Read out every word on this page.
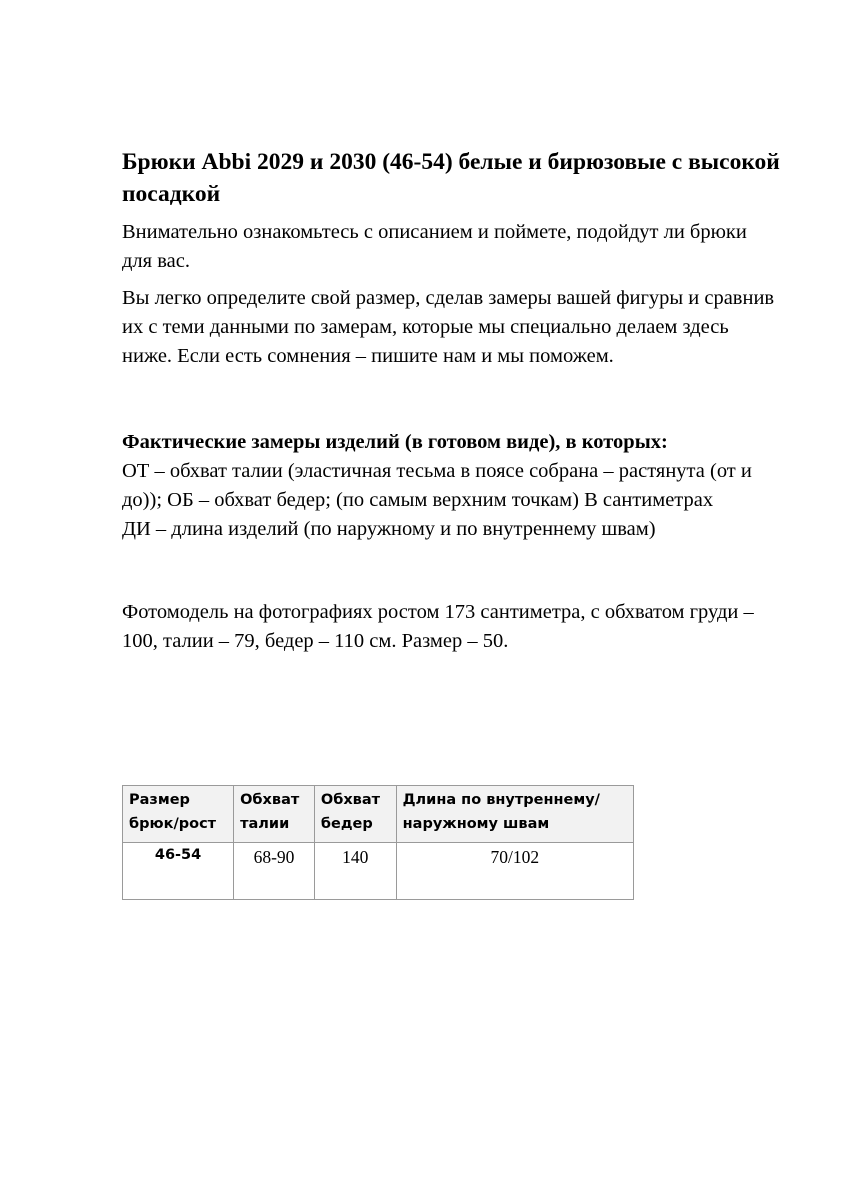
Брюки Abbi 2029 и 2030 (46-54) белые и бирюзовые с высокой посадкой

Внимательно ознакомьтесь с описанием и поймете, подойдут ли брюки для вас.

Вы легко определите свой размер, сделав замеры вашей фигуры и сравнив их с теми данными по замерам, которые мы специально делаем здесь ниже. Если есть сомнения – пишите нам и мы поможем.

Фактические замеры изделий (в готовом виде), в которых:
ОТ – обхват талии (эластичная тесьма в поясе собрана – растянута (от и до)); ОБ – обхват бедер; (по самым верхним точкам) В сантиметрах
ДИ – длина изделий (по наружному и по внутреннему швам)

Фотомодель на фотографиях ростом 173 сантиметра, с обхватом груди – 100, талии – 79, бедер – 110 см. Размер – 50.

Размер брюк/рост	Обхват талии	Обхват бедер	Длина по внутреннему/наружному швам
46-54	68-90	140	70/102
